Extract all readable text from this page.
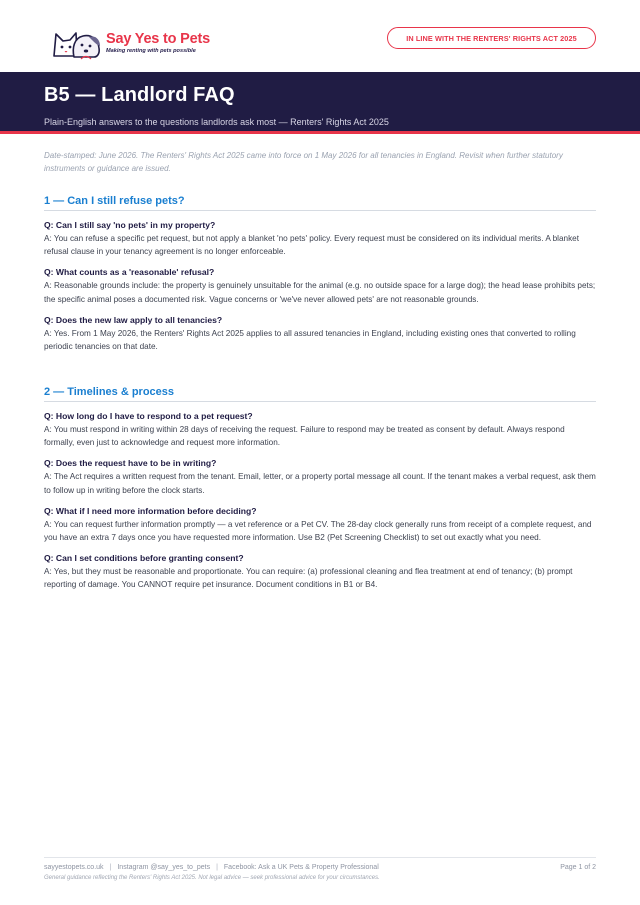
Say Yes to Pets
Making renting with pets possible
IN LINE WITH THE RENTERS' RIGHTS ACT 2025
B5 — Landlord FAQ
Plain-English answers to the questions landlords ask most — Renters' Rights Act 2025
Date-stamped: June 2026. The Renters' Rights Act 2025 came into force on 1 May 2026 for all tenancies in England. Revisit when further statutory instruments or guidance are issued.
1 — Can I still refuse pets?
Q: Can I still say 'no pets' in my property?
A: You can refuse a specific pet request, but not apply a blanket 'no pets' policy. Every request must be considered on its individual merits. A blanket refusal clause in your tenancy agreement is no longer enforceable.
Q: What counts as a 'reasonable' refusal?
A: Reasonable grounds include: the property is genuinely unsuitable for the animal (e.g. no outside space for a large dog); the head lease prohibits pets; the specific animal poses a documented risk. Vague concerns or 'we've never allowed pets' are not reasonable grounds.
Q: Does the new law apply to all tenancies?
A: Yes. From 1 May 2026, the Renters' Rights Act 2025 applies to all assured tenancies in England, including existing ones that converted to rolling periodic tenancies on that date.
2 — Timelines & process
Q: How long do I have to respond to a pet request?
A: You must respond in writing within 28 days of receiving the request. Failure to respond may be treated as consent by default. Always respond formally, even just to acknowledge and request more information.
Q: Does the request have to be in writing?
A: The Act requires a written request from the tenant. Email, letter, or a property portal message all count. If the tenant makes a verbal request, ask them to follow up in writing before the clock starts.
Q: What if I need more information before deciding?
A: You can request further information promptly — a vet reference or a Pet CV. The 28-day clock generally runs from receipt of a complete request, and you have an extra 7 days once you have requested more information. Use B2 (Pet Screening Checklist) to set out exactly what you need.
Q: Can I set conditions before granting consent?
A: Yes, but they must be reasonable and proportionate. You can require: (a) professional cleaning and flea treatment at end of tenancy; (b) prompt reporting of damage. You CANNOT require pet insurance. Document conditions in B1 or B4.
sayyestopets.co.uk | Instagram @say_yes_to_pets | Facebook: Ask a UK Pets & Property Professional	Page 1 of 2
General guidance reflecting the Renters' Rights Act 2025. Not legal advice — seek professional advice for your circumstances.
